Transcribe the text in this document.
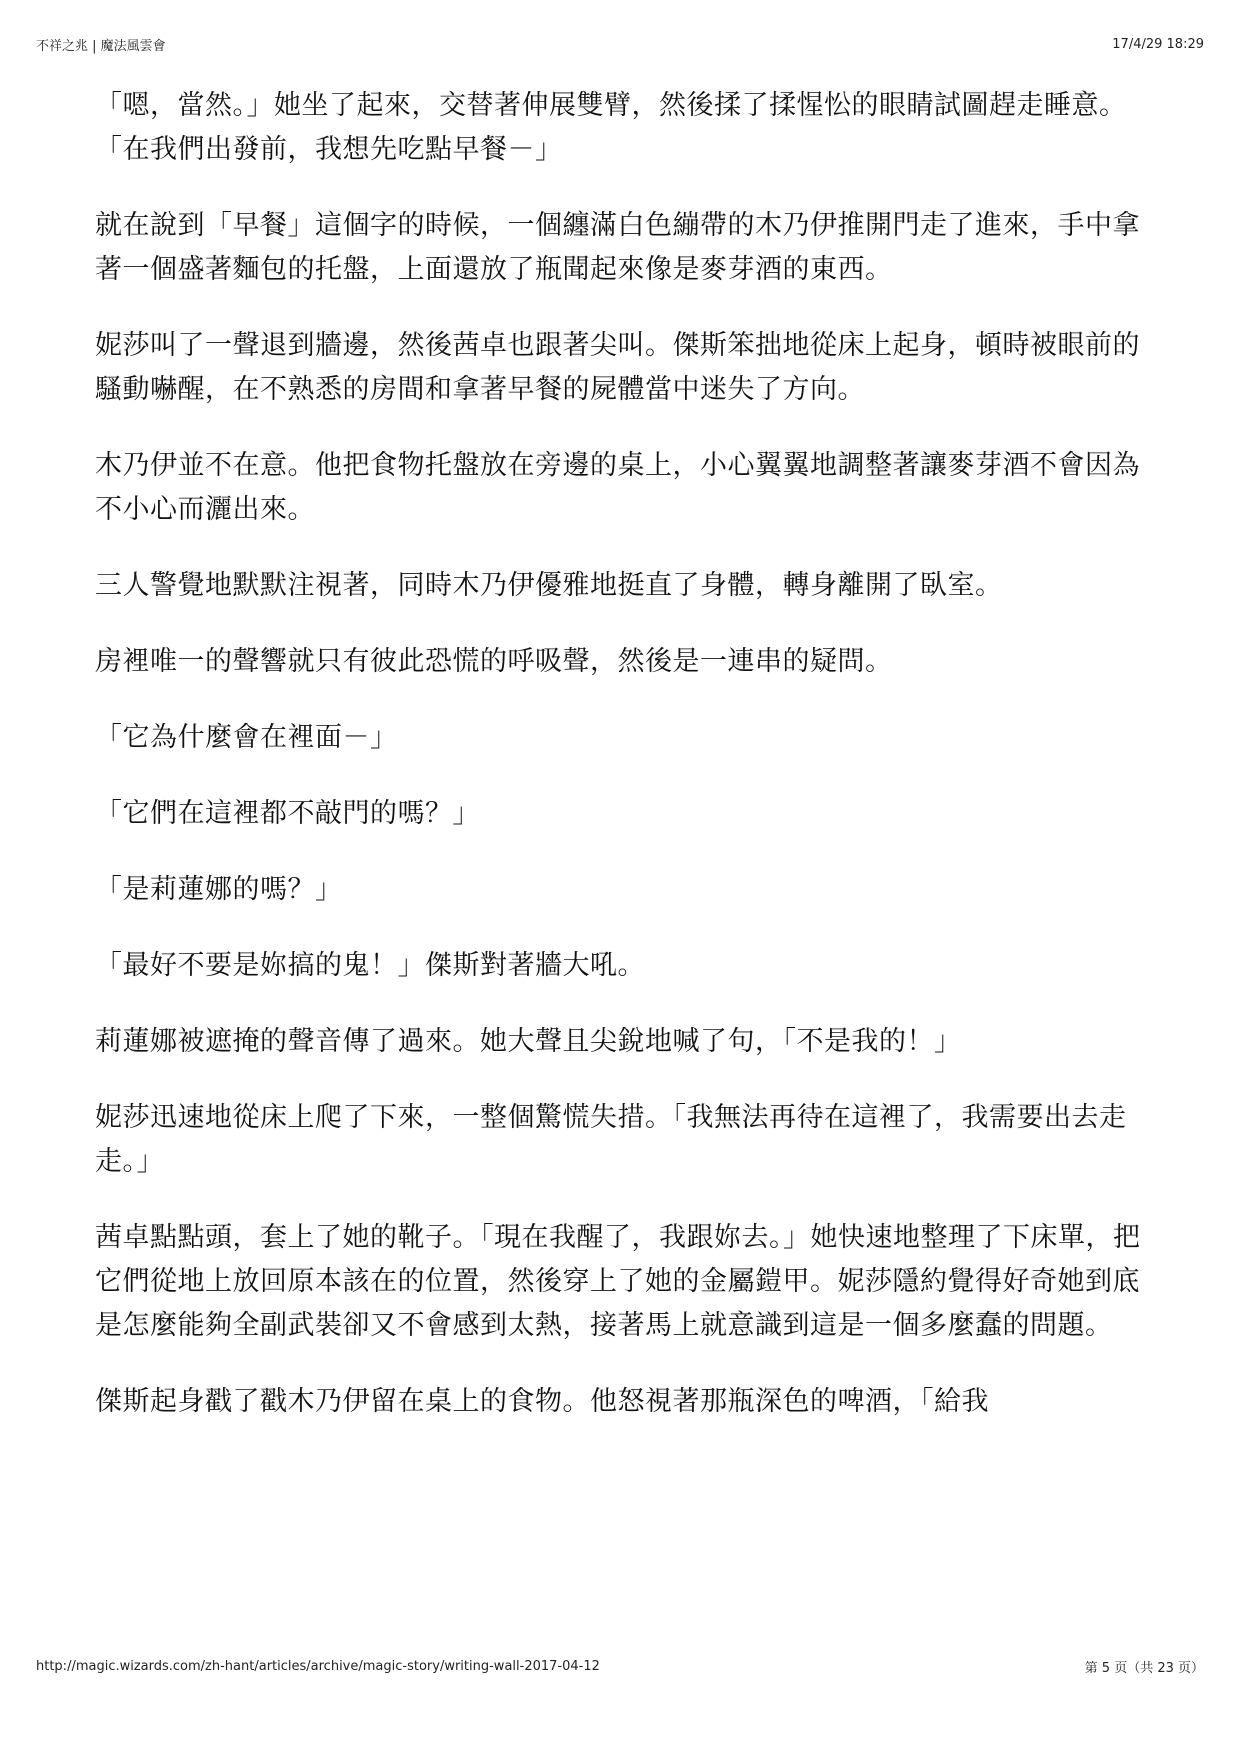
不祥之兆 | 魔法風雲會	17/4/29 18:29

「嗯，當然。」她坐了起來，交替著伸展雙臂，然後揉了揉惺忪的眼睛試圖趕走睡意。「在我們出發前，我想先吃點早餐－」

就在說到「早餐」這個字的時候，一個纏滿白色繃帶的木乃伊推開門走了進來，手中拿著一個盛著麵包的托盤，上面還放了瓶聞起來像是麥芽酒的東西。

妮莎叫了一聲退到牆邊，然後茜卓也跟著尖叫。傑斯笨拙地從床上起身，頓時被眼前的騷動嚇醒，在不熟悉的房間和拿著早餐的屍體當中迷失了方向。

木乃伊並不在意。他把食物托盤放在旁邊的桌上，小心翼翼地調整著讓麥芽酒不會因為不小心而灑出來。

三人警覺地默默注視著，同時木乃伊優雅地挺直了身體，轉身離開了臥室。

房裡唯一的聲響就只有彼此恐慌的呼吸聲，然後是一連串的疑問。

「它為什麼會在裡面－」

「它們在這裡都不敲門的嗎？」

「是莉蓮娜的嗎？」

「最好不要是妳搞的鬼！」傑斯對著牆大吼。

莉蓮娜被遮掩的聲音傳了過來。她大聲且尖銳地喊了句，「不是我的！」

妮莎迅速地從床上爬了下來，一整個驚慌失措。「我無法再待在這裡了，我需要出去走走。」

茜卓點點頭，套上了她的靴子。「現在我醒了，我跟妳去。」她快速地整理了下床單，把它們從地上放回原本該在的位置，然後穿上了她的金屬鎧甲。妮莎隱約覺得好奇她到底是怎麼能夠全副武裝卻又不會感到太熱，接著馬上就意識到這是一個多麼蠢的問題。

傑斯起身戳了戳木乃伊留在桌上的食物。他怒視著那瓶深色的啤酒，「給我

http://magic.wizards.com/zh-hant/articles/archive/magic-story/writing-wall-2017-04-12	第 5 页（共 23 页）
